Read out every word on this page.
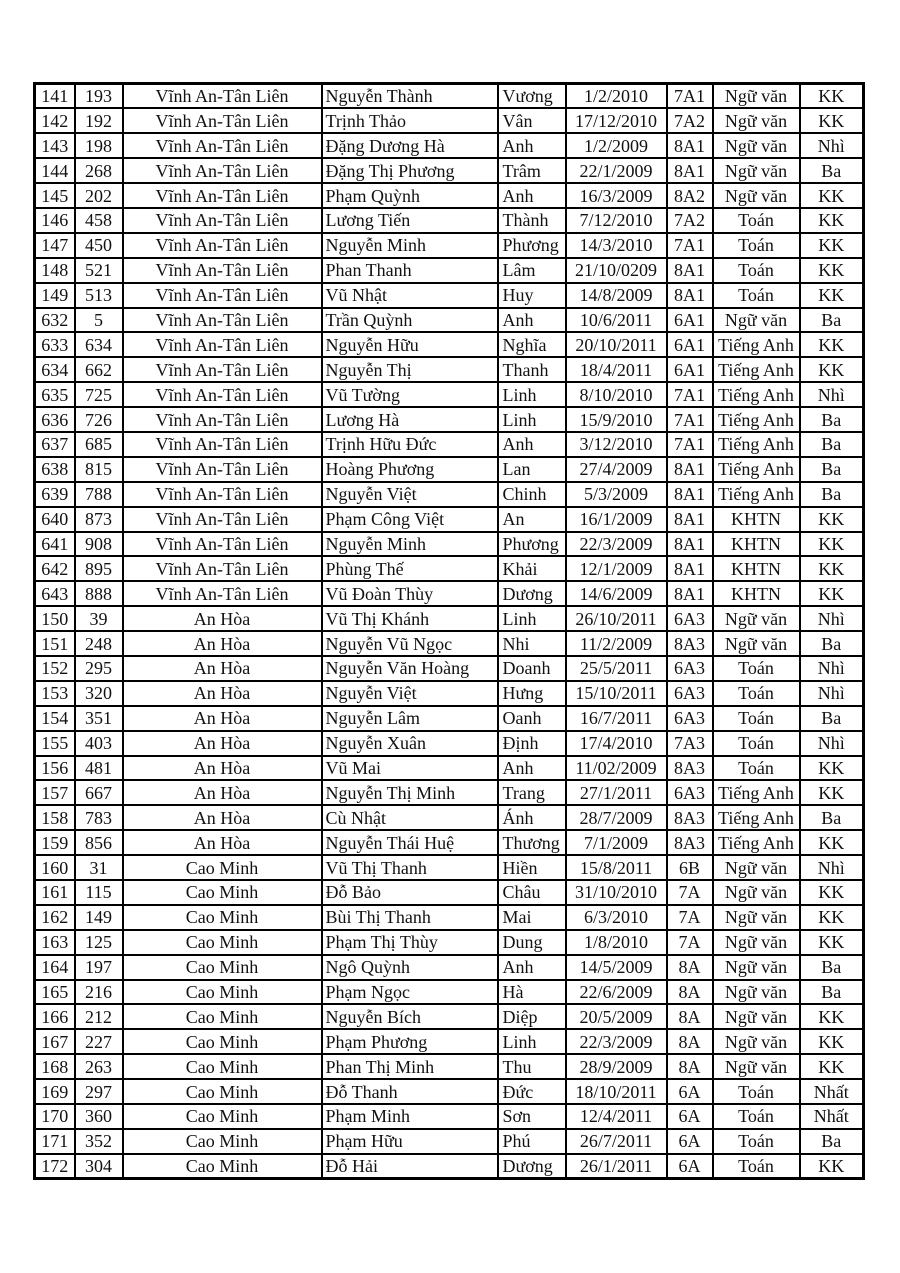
141	193	Vĩnh An-Tân Liên	Nguyễn Thành	Vương	1/2/2010	7A1	Ngữ văn	KK
142	192	Vĩnh An-Tân Liên	Trịnh Thảo	Vân	17/12/2010	7A2	Ngữ văn	KK
143	198	Vĩnh An-Tân Liên	Đặng Dương Hà	Anh	1/2/2009	8A1	Ngữ văn	Nhì
144	268	Vĩnh An-Tân Liên	Đặng Thị Phương	Trâm	22/1/2009	8A1	Ngữ văn	Ba
145	202	Vĩnh An-Tân Liên	Phạm Quỳnh	Anh	16/3/2009	8A2	Ngữ văn	KK
146	458	Vĩnh An-Tân Liên	Lương Tiến	Thành	7/12/2010	7A2	Toán	KK
147	450	Vĩnh An-Tân Liên	Nguyễn Minh	Phương	14/3/2010	7A1	Toán	KK
148	521	Vĩnh An-Tân Liên	Phan Thanh	Lâm	21/10/0209	8A1	Toán	KK
149	513	Vĩnh An-Tân Liên	Vũ Nhật	Huy	14/8/2009	8A1	Toán	KK
632	5	Vĩnh An-Tân Liên	Trần Quỳnh	Anh	10/6/2011	6A1	Ngữ văn	Ba
633	634	Vĩnh An-Tân Liên	Nguyễn Hữu	Nghĩa	20/10/2011	6A1	Tiếng Anh	KK
634	662	Vĩnh An-Tân Liên	Nguyễn Thị	Thanh	18/4/2011	6A1	Tiếng Anh	KK
635	725	Vĩnh An-Tân Liên	Vũ Tường	Linh	8/10/2010	7A1	Tiếng Anh	Nhì
636	726	Vĩnh An-Tân Liên	Lương Hà	Linh	15/9/2010	7A1	Tiếng Anh	Ba
637	685	Vĩnh An-Tân Liên	Trịnh Hữu Đức	Anh	3/12/2010	7A1	Tiếng Anh	Ba
638	815	Vĩnh An-Tân Liên	Hoàng Phương	Lan	27/4/2009	8A1	Tiếng Anh	Ba
639	788	Vĩnh An-Tân Liên	Nguyễn Việt	Chinh	5/3/2009	8A1	Tiếng Anh	Ba
640	873	Vĩnh An-Tân Liên	Phạm Công Việt	An	16/1/2009	8A1	KHTN	KK
641	908	Vĩnh An-Tân Liên	Nguyễn Minh	Phương	22/3/2009	8A1	KHTN	KK
642	895	Vĩnh An-Tân Liên	Phùng Thế	Khải	12/1/2009	8A1	KHTN	KK
643	888	Vĩnh An-Tân Liên	Vũ Đoàn Thùy	Dương	14/6/2009	8A1	KHTN	KK
150	39	An Hòa	Vũ Thị Khánh	Linh	26/10/2011	6A3	Ngữ văn	Nhì
151	248	An Hòa	Nguyễn Vũ Ngọc	Nhi	11/2/2009	8A3	Ngữ văn	Ba
152	295	An Hòa	Nguyễn Văn Hoàng	Doanh	25/5/2011	6A3	Toán	Nhì
153	320	An Hòa	Nguyễn Việt	Hưng	15/10/2011	6A3	Toán	Nhì
154	351	An Hòa	Nguyễn Lâm	Oanh	16/7/2011	6A3	Toán	Ba
155	403	An Hòa	Nguyễn Xuân	Định	17/4/2010	7A3	Toán	Nhì
156	481	An Hòa	Vũ Mai	Anh	11/02/2009	8A3	Toán	KK
157	667	An Hòa	Nguyễn Thị Minh	Trang	27/1/2011	6A3	Tiếng Anh	KK
158	783	An Hòa	Cù Nhật	Ánh	28/7/2009	8A3	Tiếng Anh	Ba
159	856	An Hòa	Nguyễn Thái Huệ	Thương	7/1/2009	8A3	Tiếng Anh	KK
160	31	Cao Minh	Vũ Thị Thanh	Hiền	15/8/2011	6B	Ngữ văn	Nhì
161	115	Cao Minh	Đỗ Bảo	Châu	31/10/2010	7A	Ngữ văn	KK
162	149	Cao Minh	Bùi Thị Thanh	Mai	6/3/2010	7A	Ngữ văn	KK
163	125	Cao Minh	Phạm Thị Thùy	Dung	1/8/2010	7A	Ngữ văn	KK
164	197	Cao Minh	Ngô Quỳnh	Anh	14/5/2009	8A	Ngữ văn	Ba
165	216	Cao Minh	Phạm Ngọc	Hà	22/6/2009	8A	Ngữ văn	Ba
166	212	Cao Minh	Nguyễn Bích	Diệp	20/5/2009	8A	Ngữ văn	KK
167	227	Cao Minh	Phạm Phương	Linh	22/3/2009	8A	Ngữ văn	KK
168	263	Cao Minh	Phan Thị Minh	Thu	28/9/2009	8A	Ngữ văn	KK
169	297	Cao Minh	Đỗ Thanh	Đức	18/10/2011	6A	Toán	Nhất
170	360	Cao Minh	Phạm Minh	Sơn	12/4/2011	6A	Toán	Nhất
171	352	Cao Minh	Phạm Hữu	Phú	26/7/2011	6A	Toán	Ba
172	304	Cao Minh	Đỗ Hải	Dương	26/1/2011	6A	Toán	KK
